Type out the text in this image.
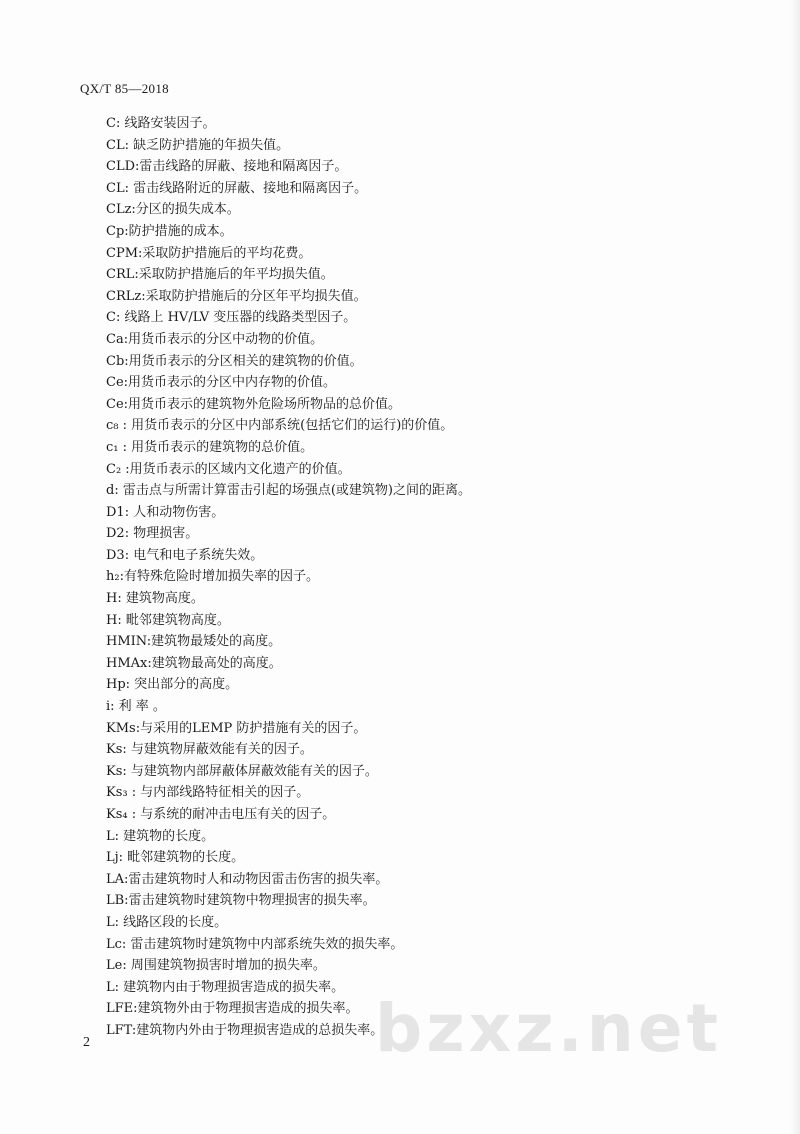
QX/T 85—2018
C: 线路安装因子。
CL: 缺乏防护措施的年损失值。
CLD:雷击线路的屏蔽、接地和隔离因子。
CL: 雷击线路附近的屏蔽、接地和隔离因子。
CLz:分区的损失成本。
Cp:防护措施的成本。
CPM:采取防护措施后的平均花费。
CRL:采取防护措施后的年平均损失值。
CRLz:采取防护措施后的分区年平均损失值。
C: 线路上 HV/LV 变压器的线路类型因子。
Ca:用货币表示的分区中动物的价值。
Cb:用货币表示的分区相关的建筑物的价值。
Ce:用货币表示的分区中内存物的价值。
Ce:用货币表示的建筑物外危险场所物品的总价值。
c₈ : 用货币表示的分区中内部系统(包括它们的运行)的价值。
c₁ : 用货币表示的建筑物的总价值。
C₂ :用货币表示的区域内文化遗产的价值。
d: 雷击点与所需计算雷击引起的场强点(或建筑物)之间的距离。
D1: 人和动物伤害。
D2: 物理损害。
D3: 电气和电子系统失效。
h₂:有特殊危险时增加损失率的因子。
H: 建筑物高度。
H: 毗邻建筑物高度。
HMIN:建筑物最矮处的高度。
HMAx:建筑物最高处的高度。
Hp: 突出部分的高度。
i: 利 率 。
KMs:与采用的LEMP 防护措施有关的因子。
Ks: 与建筑物屏蔽效能有关的因子。
Ks: 与建筑物内部屏蔽体屏蔽效能有关的因子。
Ks₃ : 与内部线路特征相关的因子。
Ks₄ : 与系统的耐冲击电压有关的因子。
L: 建筑物的长度。
Lj: 毗邻建筑物的长度。
LA:雷击建筑物时人和动物因雷击伤害的损失率。
LB:雷击建筑物时建筑物中物理损害的损失率。
L: 线路区段的长度。
Lc: 雷击建筑物时建筑物中内部系统失效的损失率。
Le: 周围建筑物损害时增加的损失率。
L: 建筑物内由于物理损害造成的损失率。
LFE:建筑物外由于物理损害造成的损失率。
LFT:建筑物内外由于物理损害造成的总损失率。
2	bzxz.net
